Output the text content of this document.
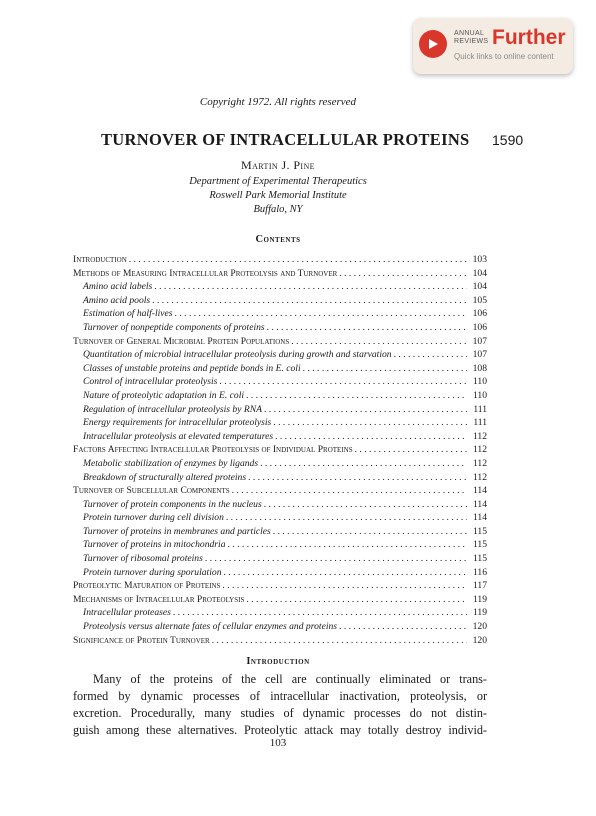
ANNUAL
REVIEWS Further
Quick links to online content
Copyright 1972. All rights reserved
TURNOVER OF INTRACELLULAR PROTEINS 1590
Martin J. Pine
Department of Experimental Therapeutics
Roswell Park Memorial Institute
Buffalo, NY
Contents
Introduction . . .	103
Methods of Measuring Intracellular Proteolysis and Turnover . . .	104
Amino acid labels . . .	104
Amino acid pools . . .	105
Estimation of half-lives . . .	106
Turnover of nonpeptide components of proteins . . .	106
Turnover of General Microbial Protein Populations . . .	107
Quantitation of microbial intracellular proteolysis during growth and starvation . . .	107
Classes of unstable proteins and peptide bonds in E. coli . . .	108
Control of intracellular proteolysis . . .	110
Nature of proteolytic adaptation in E. coli . . .	110
Regulation of intracellular proteolysis by RNA . . .	111
Energy requirements for intracellular proteolysis . . .	111
Intracellular proteolysis at elevated temperatures . . .	112
Factors Affecting Intracellular Proteolysis of Individual Proteins . . .	112
Metabolic stabilization of enzymes by ligands . . .	112
Breakdown of structurally altered proteins . . .	112
Turnover of Subcellular Components . . .	114
Turnover of protein components in the nucleus . . .	114
Protein turnover during cell division . . .	114
Turnover of proteins in membranes and particles . . .	115
Turnover of proteins in mitochondria . . .	115
Turnover of ribosomal proteins . . .	115
Protein turnover during sporulation . . .	116
Proteolytic Maturation of Proteins . . .	117
Mechanisms of Intracellular Proteolysis . . .	119
Intracellular proteases . . .	119
Proteolysis versus alternate fates of cellular enzymes and proteins . . .	120
Significance of Protein Turnover . . .	120
Introduction
Many of the proteins of the cell are continually eliminated or trans-
formed by dynamic processes of intracellular inactivation, proteolysis, or
excretion. Procedurally, many studies of dynamic processes do not distin-
guish among these alternatives. Proteolytic attack may totally destroy individ-
103
